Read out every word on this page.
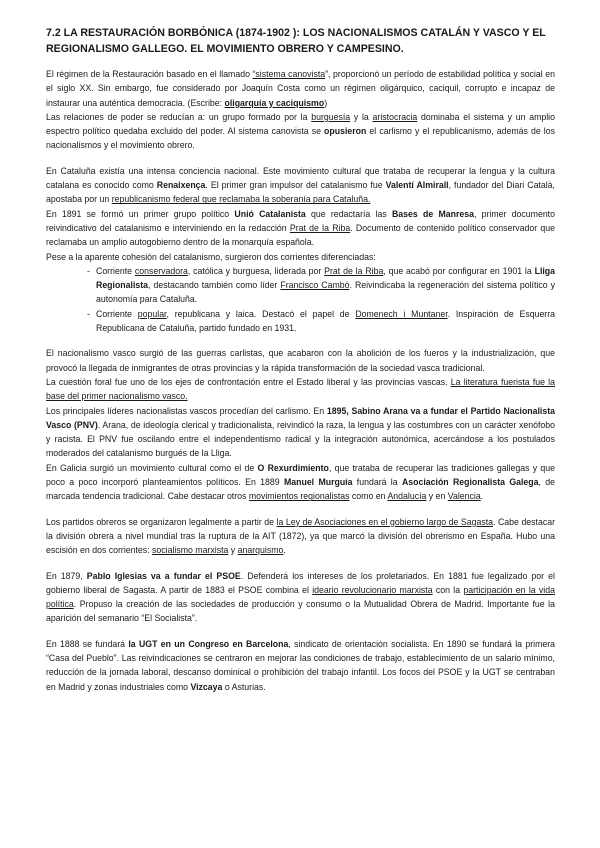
7.2 LA RESTAURACIÓN BORBÓNICA (1874-1902 ): LOS NACIONALISMOS CATALÁN Y VASCO Y EL REGIONALISMO GALLEGO. EL MOVIMIENTO OBRERO Y CAMPESINO.

El régimen de la Restauración basado en el llamado “sistema canovista”, proporcionó un período de estabilidad política y social en el siglo XX. Sin embargo, fue considerado por Joaquín Costa como un régimen oligárquico, caciquil, corrupto e incapaz de instaurar una auténtica democracia. (Escribe: oligarquía y caciquismo)

Las relaciones de poder se reducían a: un grupo formado por la burguesía y la aristocracia dominaba el sistema y un amplio espectro político quedaba excluido del poder. Al sistema canovista se opusieron el carlismo y el republicanismo, además de los nacionalismos y el movimiento obrero.

En Cataluña existía una intensa conciencia nacional. Este movimiento cultural que trataba de recuperar la lengua y la cultura catalana es conocido como Renaixença. El primer gran impulsor del catalanismo fue Valentí Almirall, fundador del Diari Català, apostaba por un republicanismo federal que reclamaba la soberanía para Cataluña.

En 1891 se formó un primer grupo político Unió Catalanista que redactaría las Bases de Manresa, primer documento reivindicativo del catalanismo e interviniendo en la redacción Prat de la Riba. Documento de contenido político conservador que reclamaba un amplio autogobierno dentro de la monarquía española.

Pese a la aparente cohesión del catalanismo, surgieron dos corrientes diferenciadas:

- Corriente conservadora, católica y burguesa, liderada por Prat de la Riba, que acabó por configurar en 1901 la Lliga Regionalista, destacando también como líder Francisco Cambó. Reivindicaba la regeneración del sistema político y autonomía para Cataluña.
- Corriente popular, republicana y laica. Destacó el papel de Domenech i Muntaner. Inspiración de Esquerra Republicana de Cataluña, partido fundado en 1931.

El nacionalismo vasco surgió de las guerras carlistas, que acabaron con la abolición de los fueros y la industrialización, que provocó la llegada de inmigrantes de otras provincias y la rápida transformación de la sociedad vasca tradicional.

La cuestión foral fue uno de los ejes de confrontación entre el Estado liberal y las provincias vascas. La literatura fuerista fue la base del primer nacionalismo vasco.

Los principales líderes nacionalistas vascos procedían del carlismo. En 1895, Sabino Arana va a fundar el Partido Nacionalista Vasco (PNV). Arana, de ideología clerical y tradicionalista, reivindicó la raza, la lengua y las costumbres con un carácter xenófobo y racista. El PNV fue oscilando entre el independentismo radical y la integración autonómica, acercándose a los postulados moderados del catalanismo burgués de la Lliga.

En Galicia surgió un movimiento cultural como el de O Rexurdimiento, que trataba de recuperar las tradiciones gallegas y que poco a poco incorporó planteamientos políticos. En 1889 Manuel Murguía fundará la Asociación Regionalista Galega, de marcada tendencia tradicional. Cabe destacar otros movimientos regionalistas como en Andalucía y en Valencia.

Los partidos obreros se organizaron legalmente a partir de la Ley de Asociaciones en el gobierno largo de Sagasta. Cabe destacar la división obrera a nivel mundial tras la ruptura de la AIT (1872), ya que marcó la división del obrerismo en España. Hubo una escisión en dos corrientes: socialismo marxista y anarquismo.

En 1879, Pablo Iglesias va a fundar el PSOE. Defenderá los intereses de los proletariados. En 1881 fue legalizado por el gobierno liberal de Sagasta. A partir de 1883 el PSOE combina el ideario revolucionario marxista con la participación en la vida política. Propuso la creación de las sociedades de producción y consumo o la Mutualidad Obrera de Madrid. Importante fue la aparición del semanario “El Socialista”.

En 1888 se fundará la UGT en un Congreso en Barcelona, sindicato de orientación socialista. En 1890 se fundará la primera “Casa del Pueblo”. Las reivindicaciones se centraron en mejorar las condiciones de trabajo, establecimiento de un salario mínimo, reducción de la jornada laboral, descanso dominical o prohibición del trabajo infantil. Los focos del PSOE y la UGT se centraban en Madrid y zonas industriales como Vizcaya o Asturias.
